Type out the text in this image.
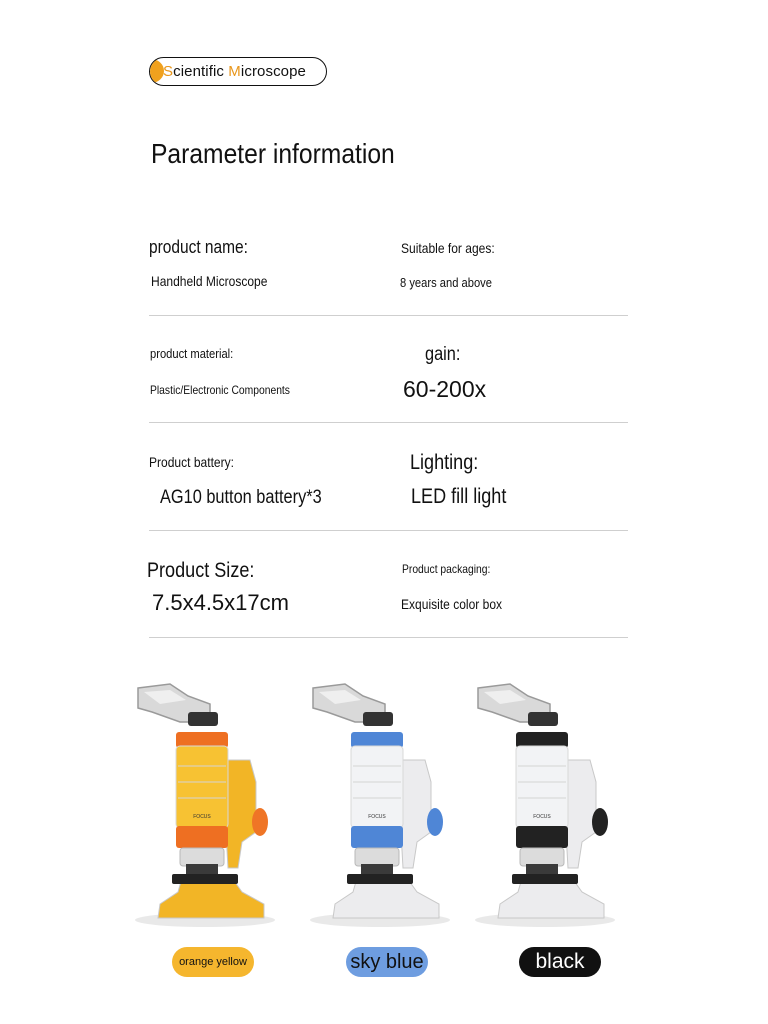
Scientific Microscope
Parameter information
product name:
Handheld Microscope
Suitable for ages:
8 years and above
product material:
Plastic/Electronic Components
gain:
60-200x
Product battery:
AG10 button battery*3
Lighting:
LED fill light
Product Size:
7.5x4.5x17cm
Product packaging:
Exquisite color box
FOCUS	FOCUS	FOCUS
orange yellow	sky blue	black
